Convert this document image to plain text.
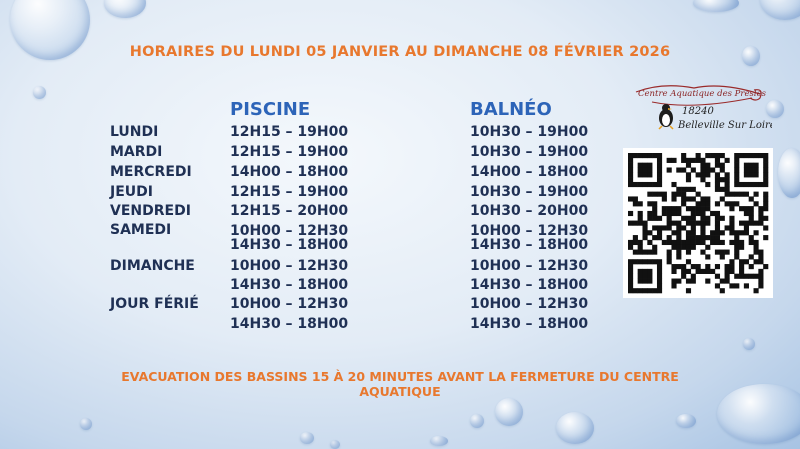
HORAIRES DU LUNDI 05 JANVIER AU DIMANCHE 08 FÉVRIER 2026
PISCINE	BALNÉO
LUNDI
MARDI
MERCREDI
JEUDI
VENDREDI
SAMEDI
DIMANCHE
JOUR FÉRIÉ
12H15 – 19H00
12H15 – 19H00
14H00 – 18H00
12H15 – 19H00
12H15 – 20H00
10H00 – 12H30
14H30 – 18H00
10H00 – 12H30
14H30 – 18H00
10H00 – 12H30
14H30 – 18H00
10H30 – 19H00
10H30 – 19H00
14H00 – 18H00
10H30 – 19H00
10H30 – 20H00
10H00 – 12H30
14H30 – 18H00
10H00 – 12H30
14H30 – 18H00
10H00 – 12H30
14H30 – 18H00
Centre Aquatique des Presles
18240
Belleville Sur Loire
EVACUATION DES BASSINS 15 À 20 MINUTES AVANT LA FERMETURE DU CENTRE
AQUATIQUE
